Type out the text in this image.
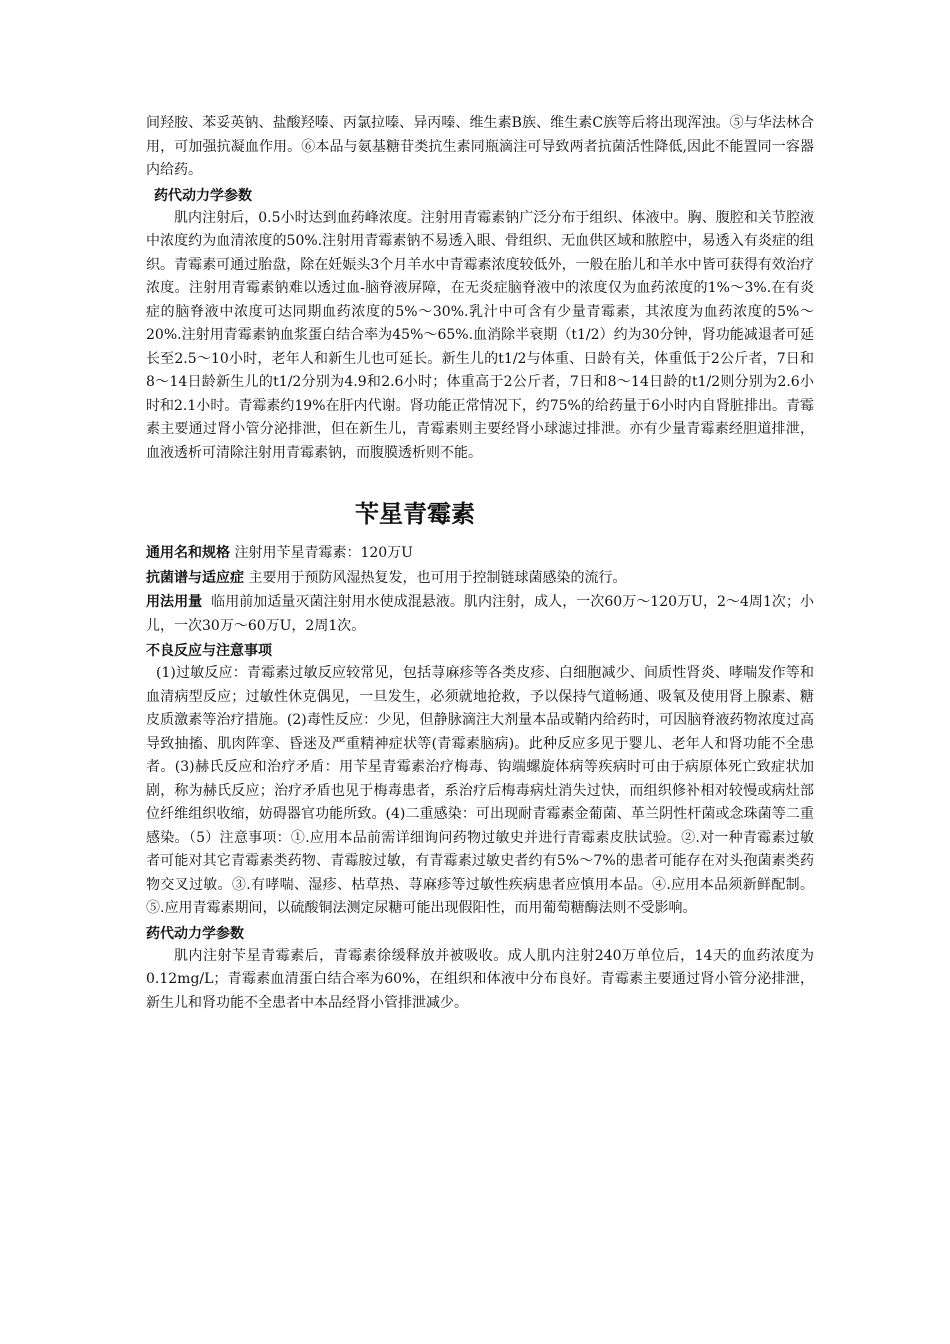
间羟胺、苯妥英钠、盐酸羟嗪、丙氯拉嗪、异丙嗪、维生素B族、维生素C族等后将出现浑浊。⑤与华法林合用，可加强抗凝血作用。⑥本品与氨基糖苷类抗生素同瓶滴注可导致两者抗菌活性降低,因此不能置同一容器内给药。

药代动力学参数

肌内注射后，0.5小时达到血药峰浓度。注射用青霉素钠广泛分布于组织、体液中。胸、腹腔和关节腔液中浓度约为血清浓度的50%.注射用青霉素钠不易透入眼、骨组织、无血供区域和脓腔中，易透入有炎症的组织。青霉素可通过胎盘，除在妊娠头3个月羊水中青霉素浓度较低外，一般在胎儿和羊水中皆可获得有效治疗浓度。注射用青霉素钠难以透过血-脑脊液屏障，在无炎症脑脊液中的浓度仅为血药浓度的1%～3%.在有炎症的脑脊液中浓度可达同期血药浓度的5%～30%.乳汁中可含有少量青霉素，其浓度为血药浓度的5%～20%.注射用青霉素钠血浆蛋白结合率为45%～65%.血消除半衰期（t1/2）约为30分钟，肾功能减退者可延长至2.5～10小时，老年人和新生儿也可延长。新生儿的t1/2与体重、日龄有关，体重低于2公斤者，7日和8～14日龄新生儿的t1/2分别为4.9和2.6小时；体重高于2公斤者，7日和8～14日龄的t1/2则分别为2.6小时和2.1小时。青霉素约19%在肝内代谢。肾功能正常情况下，约75%的给药量于6小时内自肾脏排出。青霉素主要通过肾小管分泌排泄，但在新生儿，青霉素则主要经肾小球滤过排泄。亦有少量青霉素经胆道排泄，血液透析可清除注射用青霉素钠，而腹膜透析则不能。

苄星青霉素

通用名和规格 注射用苄星青霉素：120万U

抗菌谱与适应症 主要用于预防风湿热复发，也可用于控制链球菌感染的流行。

用法用量 临用前加适量灭菌注射用水使成混悬液。肌内注射，成人，一次60万～120万U，2～4周1次；小儿，一次30万～60万U，2周1次。

不良反应与注意事项

(1)过敏反应：青霉素过敏反应较常见，包括荨麻疹等各类皮疹、白细胞减少、间质性肾炎、哮喘发作等和血清病型反应；过敏性休克偶见，一旦发生，必须就地抢救，予以保持气道畅通、吸氧及使用肾上腺素、糖皮质激素等治疗措施。(2)毒性反应：少见，但静脉滴注大剂量本品或鞘内给药时，可因脑脊液药物浓度过高导致抽搐、肌肉阵挛、昏迷及严重精神症状等(青霉素脑病)。此种反应多见于婴儿、老年人和肾功能不全患者。(3)赫氏反应和治疗矛盾：用苄星青霉素治疗梅毒、钩端螺旋体病等疾病时可由于病原体死亡致症状加剧，称为赫氏反应；治疗矛盾也见于梅毒患者，系治疗后梅毒病灶消失过快，而组织修补相对较慢或病灶部位纤维组织收缩，妨碍器官功能所致。(4)二重感染：可出现耐青霉素金葡菌、革兰阴性杆菌或念珠菌等二重感染。（5）注意事项：①.应用本品前需详细询问药物过敏史并进行青霉素皮肤试验。②.对一种青霉素过敏者可能对其它青霉素类药物、青霉胺过敏，有青霉素过敏史者约有5%～7%的患者可能存在对头孢菌素类药物交叉过敏。③.有哮喘、湿疹、枯草热、荨麻疹等过敏性疾病患者应慎用本品。④.应用本品须新鲜配制。⑤.应用青霉素期间，以硫酸铜法测定尿糖可能出现假阳性，而用葡萄糖酶法则不受影响。

药代动力学参数

肌内注射苄星青霉素后，青霉素徐缓释放并被吸收。成人肌内注射240万单位后，14天的血药浓度为0.12mg/L；青霉素血清蛋白结合率为60%，在组织和体液中分布良好。青霉素主要通过肾小管分泌排泄，新生儿和肾功能不全患者中本品经肾小管排泄减少。
